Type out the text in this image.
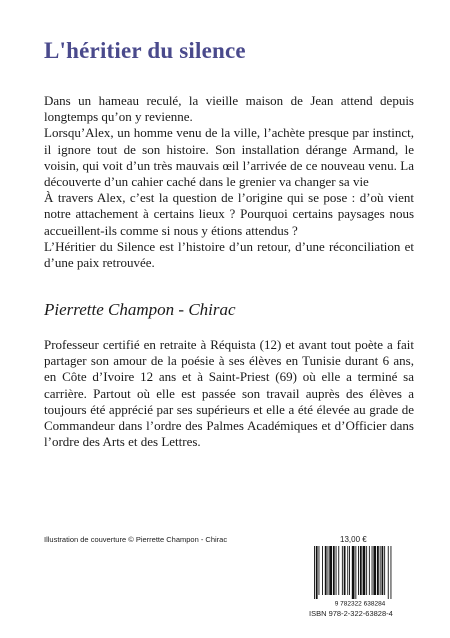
L'héritier du silence

Dans un hameau reculé, la vieille maison de Jean attend depuis longtemps qu’on y revienne.

Lorsqu’Alex, un homme venu de la ville, l’achète presque par instinct, il ignore tout de son histoire. Son installation dérange Armand, le voisin, qui voit d’un très mauvais œil l’arrivée de ce nouveau venu. La découverte d’un cahier caché dans le grenier va changer sa vie

À travers Alex, c’est la question de l’origine qui se pose : d’où vient notre attachement à certains lieux ? Pourquoi certains paysages nous accueillent-ils comme si nous y étions attendus ?

L’Héritier du Silence est l’histoire d’un retour, d’une réconciliation et d’une paix retrouvée.

Pierrette Champon - Chirac
Professeur certifié en retraite à Réquista (12) et avant tout poète a fait partager son amour de la poésie à ses élèves en Tunisie durant 6 ans, en Côte d’Ivoire 12 ans et à Saint-Priest (69) où elle a terminé sa carrière. Partout où elle est passée son travail auprès des élèves a toujours été apprécié par ses supérieurs et elle a été élevée au grade de Commandeur dans l’ordre des Palmes Académiques et d’Officier dans l’ordre des Arts et des Lettres.
Illustration de couverture © Pierrette Champon - Chirac	13,00 €
9 782322 638284
ISBN 978-2-322-63828-4
